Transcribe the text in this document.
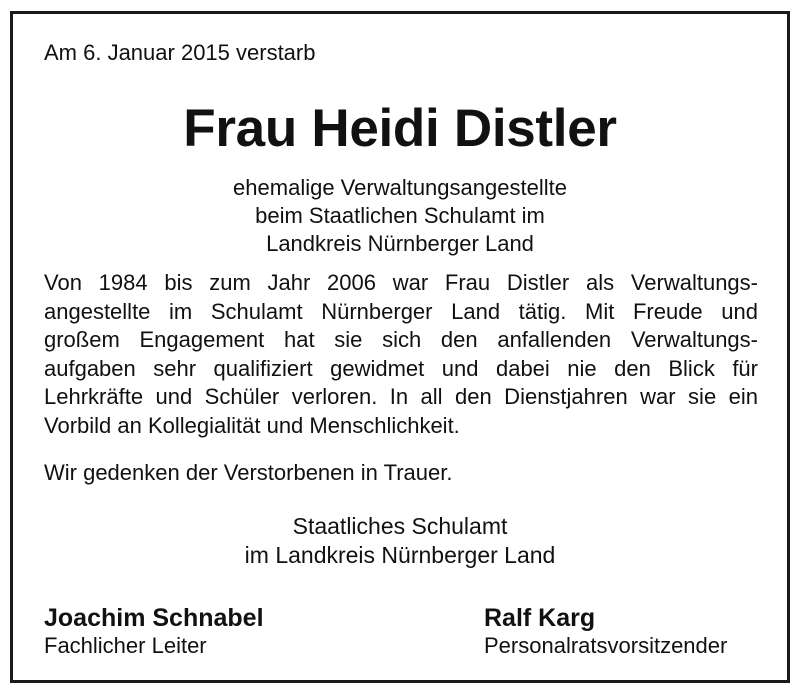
Am 6. Januar 2015 verstarb

Frau Heidi Distler
ehemalige Verwaltungsangestellte
beim Staatlichen Schulamt im
Landkreis Nürnberger Land

Von 1984 bis zum Jahr 2006 war Frau Distler als Verwaltungs-
angestellte im Schulamt Nürnberger Land tätig. Mit Freude und
großem Engagement hat sie sich den anfallenden Verwaltungs-
aufgaben sehr qualifiziert gewidmet und dabei nie den Blick für
Lehrkräfte und Schüler verloren. In all den Dienstjahren war sie ein
Vorbild an Kollegialität und Menschlichkeit.

Wir gedenken der Verstorbenen in Trauer.

Staatliches Schulamt
im Landkreis Nürnberger Land
Joachim Schnabel
Fachlicher Leiter
Ralf Karg
Personalratsvorsitzender
